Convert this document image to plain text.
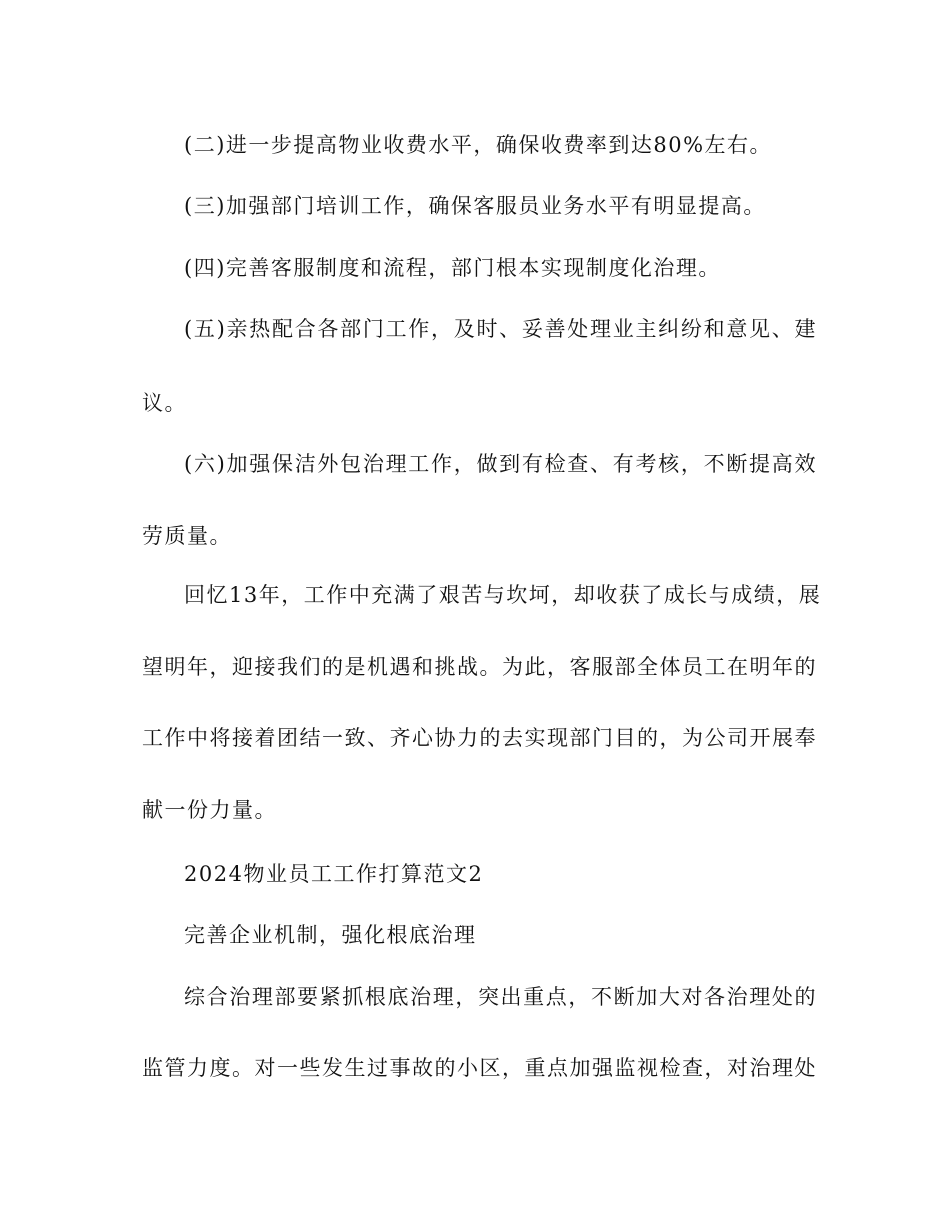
(二)进一步提高物业收费水平，确保收费率到达80%左右。
(三)加强部门培训工作，确保客服员业务水平有明显提高。
(四)完善客服制度和流程，部门根本实现制度化治理。
(五)亲热配合各部门工作，及时、妥善处理业主纠纷和意见、建
议。
(六)加强保洁外包治理工作，做到有检查、有考核，不断提高效
劳质量。
回忆13年，工作中充满了艰苦与坎坷，却收获了成长与成绩，展
望明年，迎接我们的是机遇和挑战。为此，客服部全体员工在明年的
工作中将接着团结一致、齐心协力的去实现部门目的，为公司开展奉
献一份力量。
2024物业员工工作打算范文2
完善企业机制，强化根底治理
综合治理部要紧抓根底治理，突出重点，不断加大对各治理处的
监管力度。对一些发生过事故的小区，重点加强监视检查，对治理处
